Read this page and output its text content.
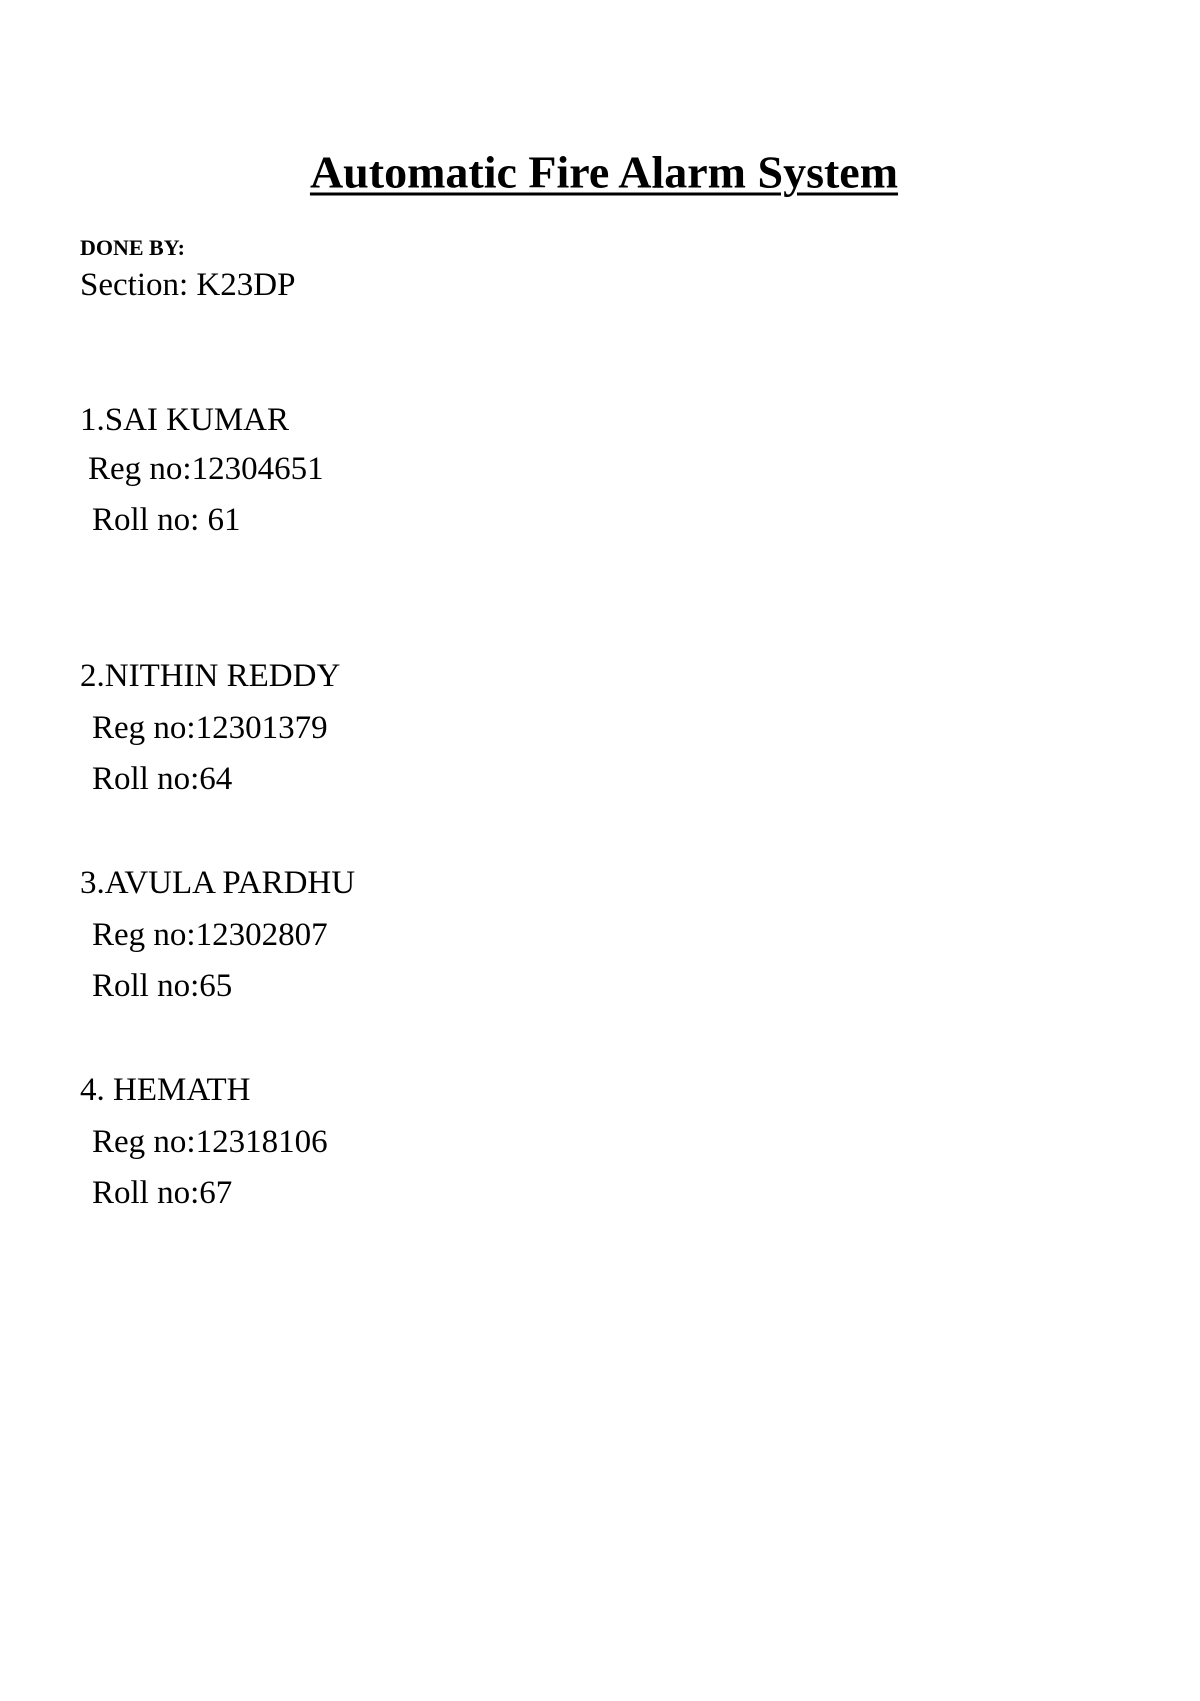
Automatic Fire Alarm System
DONE BY:
Section: K23DP
1.SAI KUMAR
Reg no:12304651
Roll no: 61
2.NITHIN REDDY
Reg no:12301379
Roll no:64
3.AVULA PARDHU
Reg no:12302807
Roll no:65
4. HEMATH
Reg no:12318106
Roll no:67
